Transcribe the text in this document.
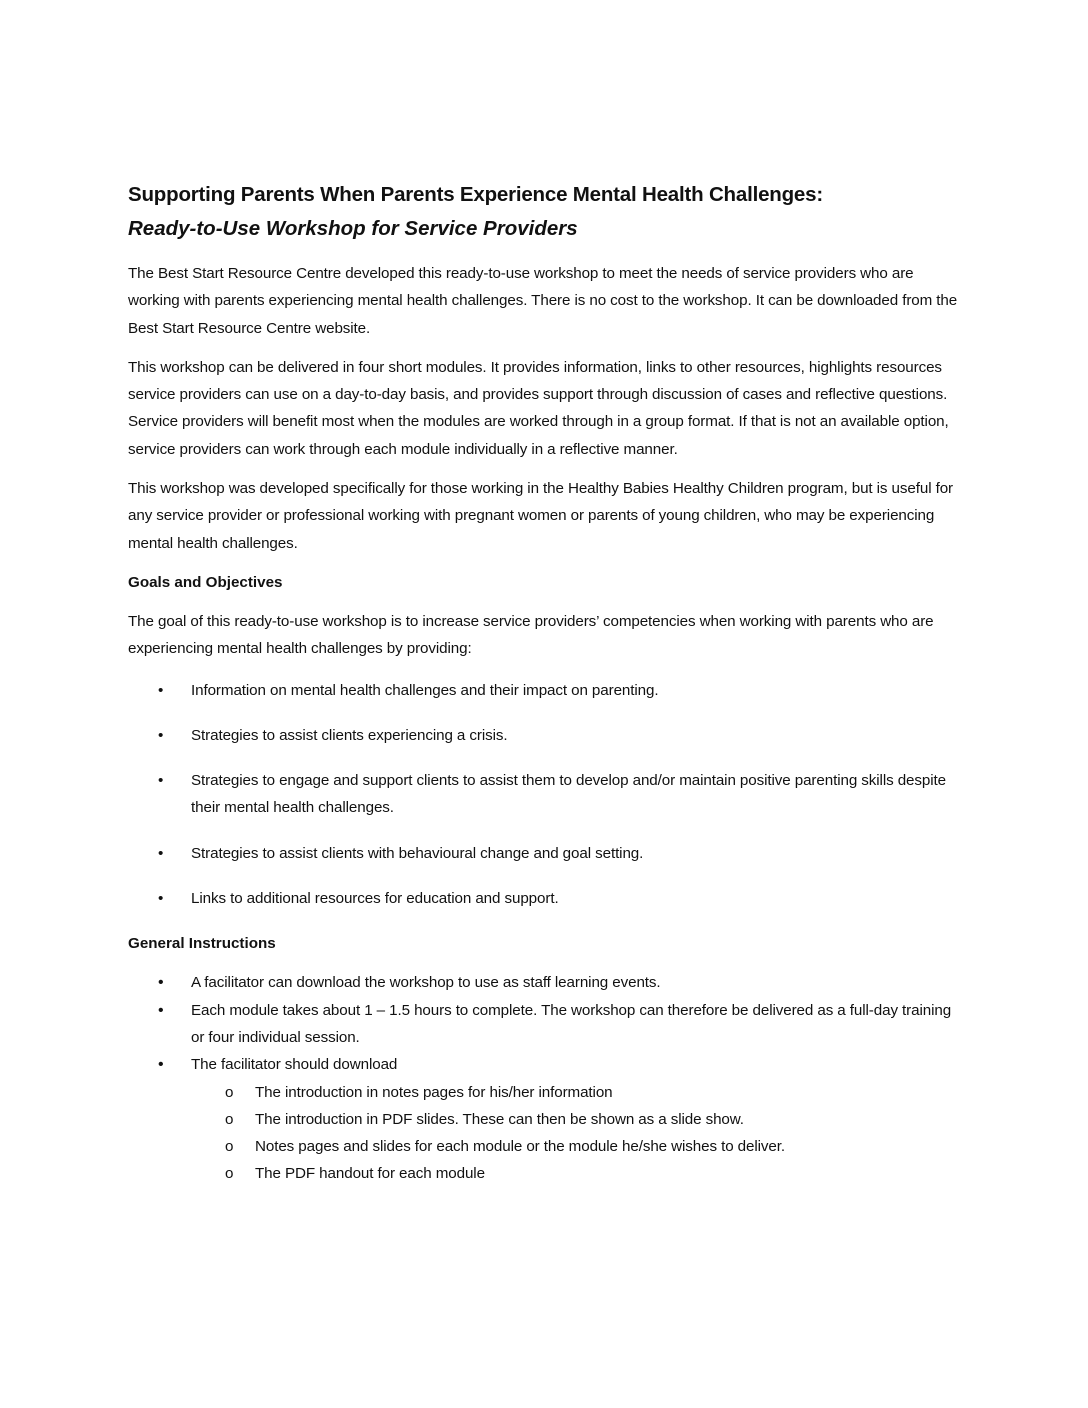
Supporting Parents When Parents Experience Mental Health Challenges:
Ready-to-Use Workshop for Service Providers

The Best Start Resource Centre developed this ready-to-use workshop to meet the needs of service providers who are working with parents experiencing mental health challenges. There is no cost to the workshop. It can be downloaded from the Best Start Resource Centre website.

This workshop can be delivered in four short modules. It provides information, links to other resources, highlights resources service providers can use on a day-to-day basis, and provides support through discussion of cases and reflective questions. Service providers will benefit most when the modules are worked through in a group format. If that is not an available option, service providers can work through each module individually in a reflective manner.

This workshop was developed specifically for those working in the Healthy Babies Healthy Children program, but is useful for any service provider or professional working with pregnant women or parents of young children, who may be experiencing mental health challenges.

Goals and Objectives

The goal of this ready-to-use workshop is to increase service providers’ competencies when working with parents who are experiencing mental health challenges by providing:

• Information on mental health challenges and their impact on parenting.
• Strategies to assist clients experiencing a crisis.
• Strategies to engage and support clients to assist them to develop and/or maintain positive parenting skills despite their mental health challenges.
• Strategies to assist clients with behavioural change and goal setting.
• Links to additional resources for education and support.
General Instructions
• A facilitator can download the workshop to use as staff learning events.
• Each module takes about 1 – 1.5 hours to complete. The workshop can therefore be delivered as a full-day training or four individual session.
• The facilitator should download
o The introduction in notes pages for his/her information
o The introduction in PDF slides. These can then be shown as a slide show.
o Notes pages and slides for each module or the module he/she wishes to deliver.
o The PDF handout for each module
